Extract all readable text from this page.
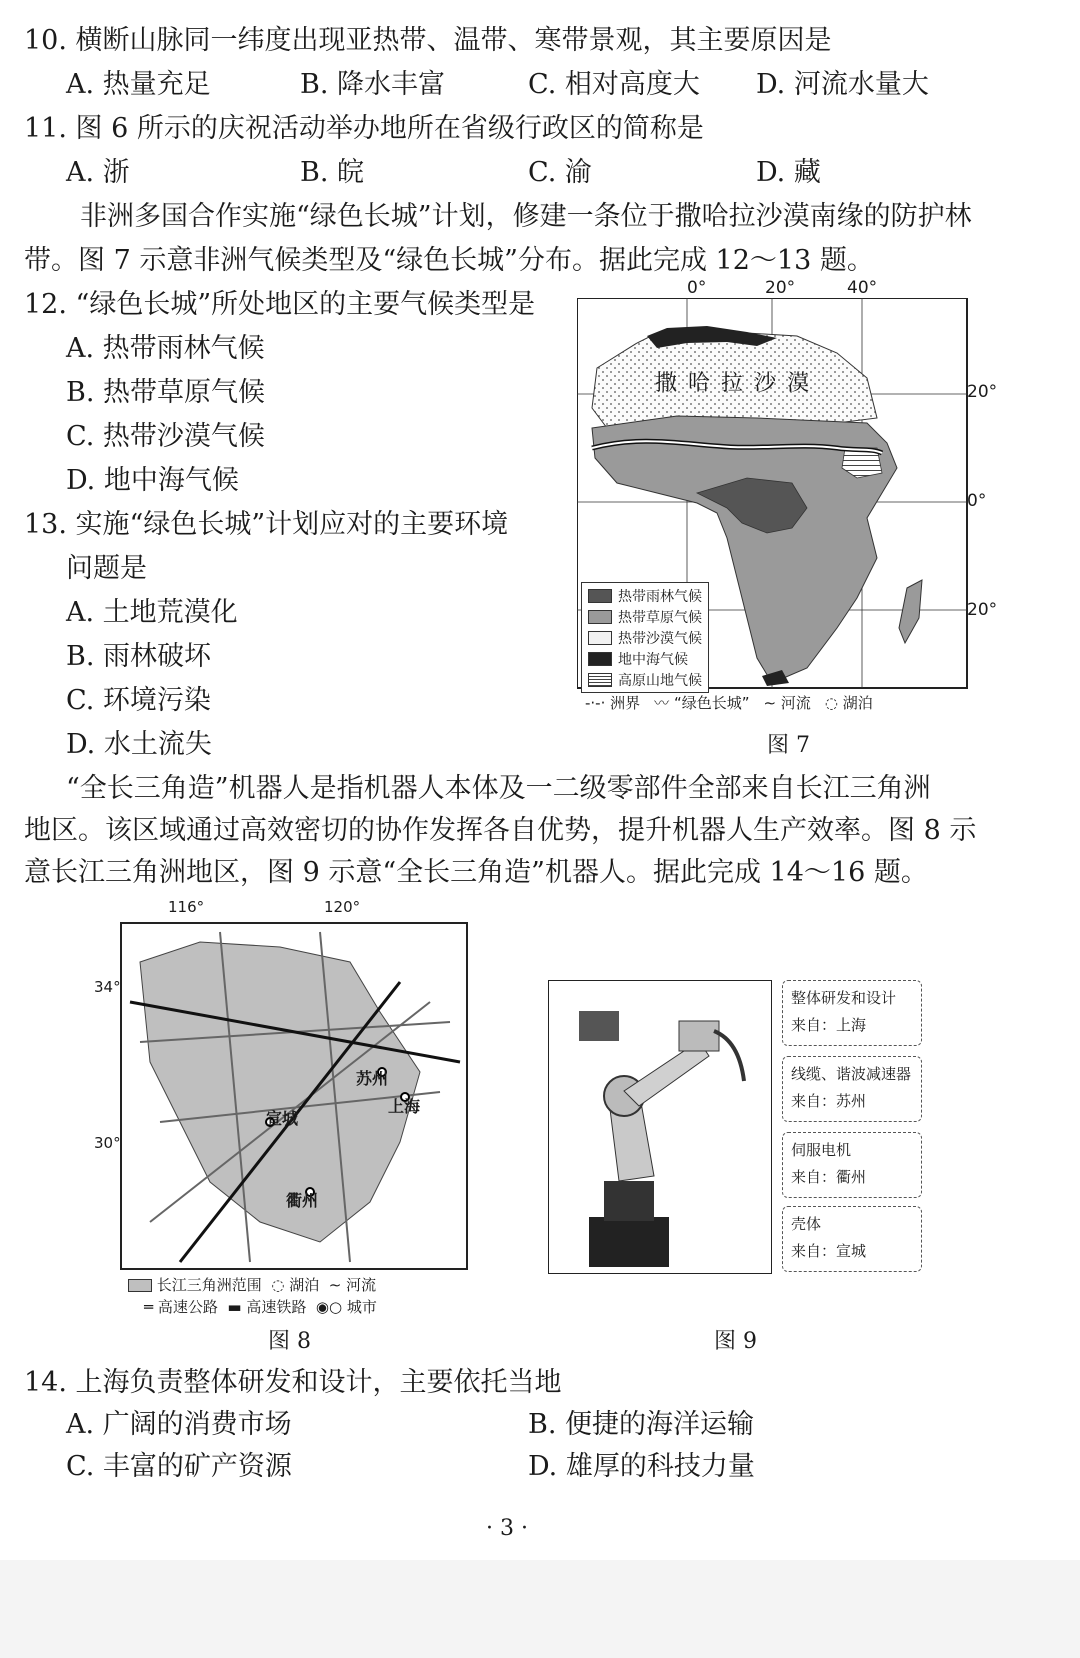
10. 横断山脉同一纬度出现亚热带、温带、寒带景观，其主要原因是
A. 热量充足	B. 降水丰富	C. 相对高度大 D. 河流水量大
11. 图 6 所示的庆祝活动举办地所在省级行政区的简称是
A. 浙	B. 皖	C. 渝	D. 藏
非洲多国合作实施“绿色长城”计划，修建一条位于撒哈拉沙漠南缘的防护林
带。图 7 示意非洲气候类型及“绿色长城”分布。据此完成 12～13 题。
12. “绿色长城”所处地区的主要气候类型是
A. 热带雨林气候
B. 热带草原气候
C. 热带沙漠气候
D. 地中海气候
13. 实施“绿色长城”计划应对的主要环境
问题是
A. 土地荒漠化
B. 雨林破坏
C. 环境污染
D. 水土流失
0°	20°	40°
20°
0°
20°
撒 哈 拉 沙 漠
热带雨林气候
热带草原气候
热带沙漠气候
地中海气候
高原山地气候
-·-· 洲界 〰 “绿色长城” ∼ 河流 ◌ 湖泊
图 7
“全长三角造”机器人是指机器人本体及一二级零部件全部来自长江三角洲
地区。该区域通过高效密切的协作发挥各自优势，提升机器人生产效率。图 8 示
意长江三角洲地区，图 9 示意“全长三角造”机器人。据此完成 14～16 题。
116°	120°
34°
30°
苏州
上海
宣城
衢州
长江三角洲范围  ◌ 湖泊  ∼ 河流
═ 高速公路  ▬ 高速铁路  ◉○ 城市
图 8
整体研发和设计
来自：上海
线缆、谐波减速器
来自：苏州
伺服电机
来自：衢州
壳体
来自：宣城
图 9
14. 上海负责整体研发和设计，主要依托当地
A. 广阔的消费市场	B. 便捷的海洋运输
C. 丰富的矿产资源	D. 雄厚的科技力量
· 3 ·
